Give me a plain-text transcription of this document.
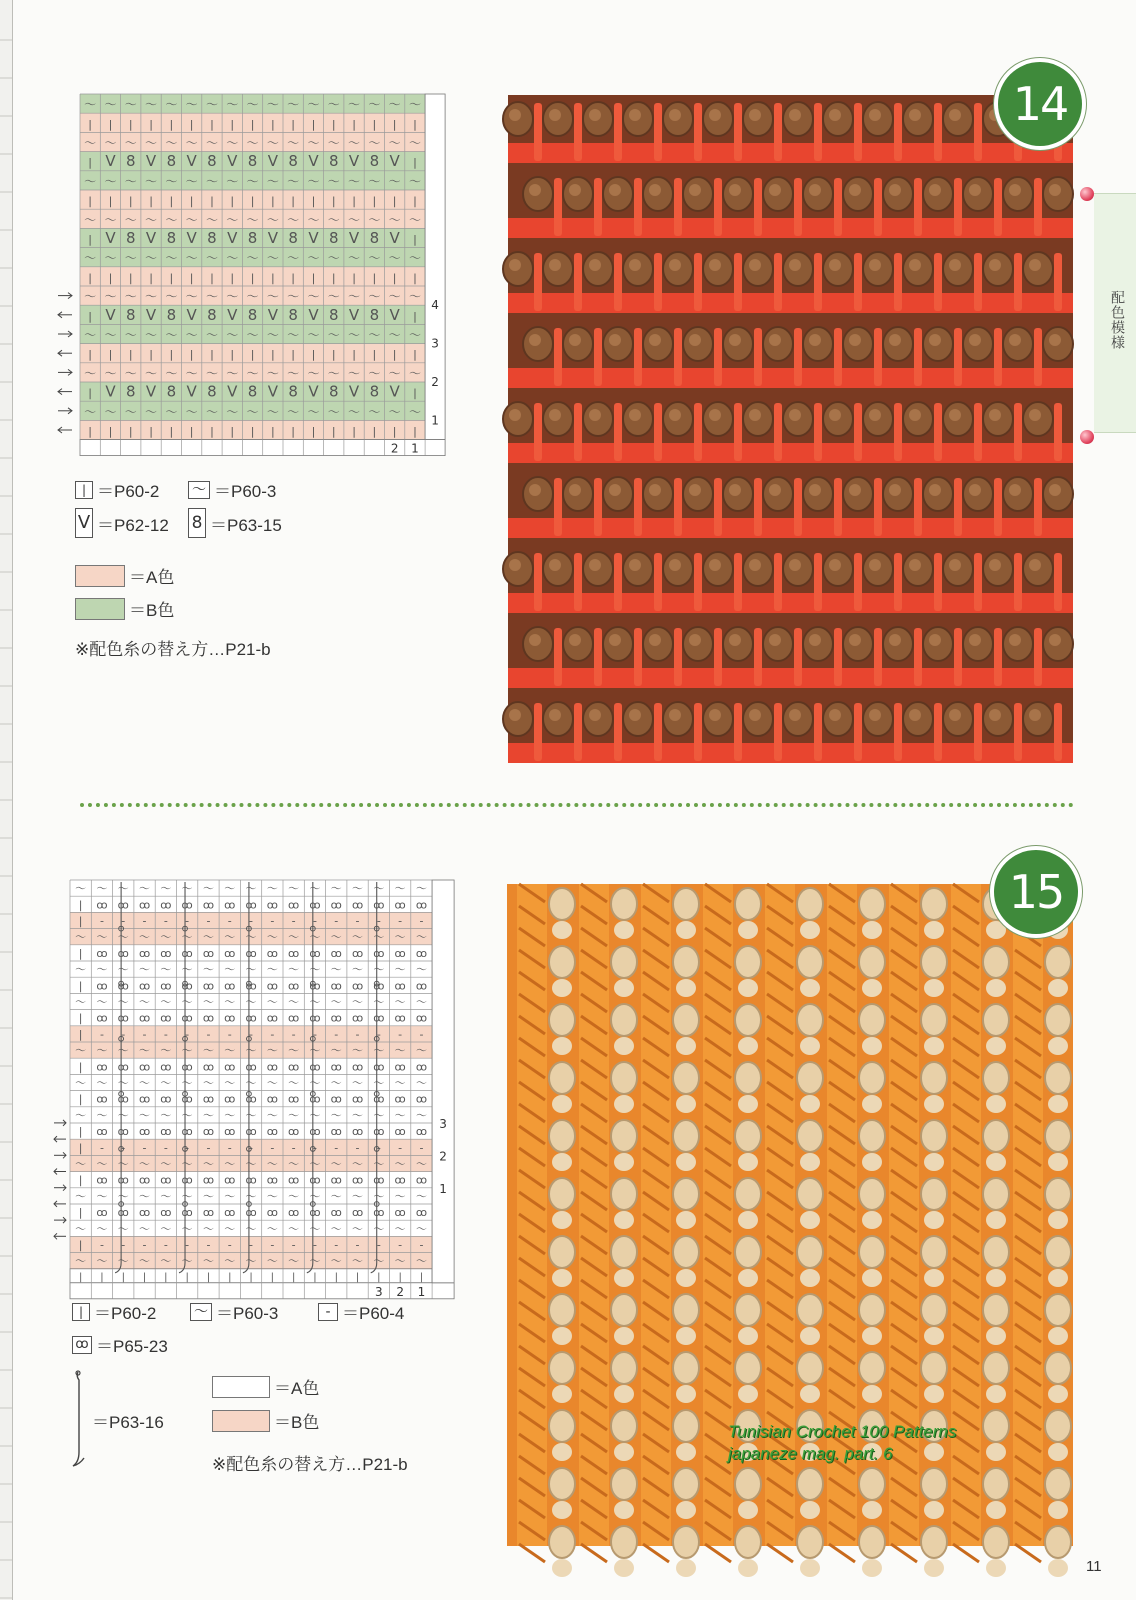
〜 〜 〜 〜 〜 〜 〜 〜 〜 〜 〜 〜 〜 〜 〜 〜 〜
| | | | | | | | | | | | | | | | |
〜 〜 〜 〜 〜 〜 〜 〜 〜 〜 〜 〜 〜 〜 〜 〜 〜
| V 8 V 8 V 8 V 8 V 8 V 8 V 8 V |
〜 〜 〜 〜 〜 〜 〜 〜 〜 〜 〜 〜 〜 〜 〜 〜 〜
| | | | | | | | | | | | | | | | |
〜 〜 〜 〜 〜 〜 〜 〜 〜 〜 〜 〜 〜 〜 〜 〜 〜
| V 8 V 8 V 8 V 8 V 8 V 8 V 8 V |
〜 〜 〜 〜 〜 〜 〜 〜 〜 〜 〜 〜 〜 〜 〜 〜 〜
| | | | | | | | | | | | | | | | |
〜 〜 〜 〜 〜 〜 〜 〜 〜 〜 〜 〜 〜 〜 〜 〜 〜
| V 8 V 8 V 8 V 8 V 8 V 8 V 8 V |
〜 〜 〜 〜 〜 〜 〜 〜 〜 〜 〜 〜 〜 〜 〜 〜 〜
| | | | | | | | | | | | | | | | |
〜 〜 〜 〜 〜 〜 〜 〜 〜 〜 〜 〜 〜 〜 〜 〜 〜
| V 8 V 8 V 8 V 8 V 8 V 8 V 8 V |
〜 〜 〜 〜 〜 〜 〜 〜 〜 〜 〜 〜 〜 〜 〜 〜 〜
| | | | | | | | | | | | | | | | |
4
3
2
1
2 1
| ＝P60-2 〜 ＝P60-3
V ＝P62-12 8 ＝P63-15
＝A色
＝B色
※配色糸の替え方…P21-b
14
配色模様
〜 〜 〜 〜 〜 〜 〜 〜 〜 〜 〜 〜 〜 〜 〜 〜 〜
| ꝏ ꝏ ꝏ ꝏ ꝏ ꝏ ꝏ ꝏ ꝏ ꝏ ꝏ ꝏ ꝏ ꝏ ꝏ ꝏ
| - - - - - - - - - - - - - - - -
〜 〜 〜 〜 〜 〜 〜 〜 〜 〜 〜 〜 〜 〜 〜 〜 〜
| ꝏ ꝏ ꝏ ꝏ ꝏ ꝏ ꝏ ꝏ ꝏ ꝏ ꝏ ꝏ ꝏ ꝏ ꝏ ꝏ
〜 〜 〜 〜 〜 〜 〜 〜 〜 〜 〜 〜 〜 〜 〜 〜 〜
| ꝏ ꝏ ꝏ ꝏ ꝏ ꝏ ꝏ ꝏ ꝏ ꝏ ꝏ ꝏ ꝏ ꝏ ꝏ ꝏ
〜 〜 〜 〜 〜 〜 〜 〜 〜 〜 〜 〜 〜 〜 〜 〜 〜
| ꝏ ꝏ ꝏ ꝏ ꝏ ꝏ ꝏ ꝏ ꝏ ꝏ ꝏ ꝏ ꝏ ꝏ ꝏ ꝏ
| - - - - - - - - - - - - - - - -
〜 〜 〜 〜 〜 〜 〜 〜 〜 〜 〜 〜 〜 〜 〜 〜 〜
| ꝏ ꝏ ꝏ ꝏ ꝏ ꝏ ꝏ ꝏ ꝏ ꝏ ꝏ ꝏ ꝏ ꝏ ꝏ ꝏ
〜 〜 〜 〜 〜 〜 〜 〜 〜 〜 〜 〜 〜 〜 〜 〜 〜
| ꝏ ꝏ ꝏ ꝏ ꝏ ꝏ ꝏ ꝏ ꝏ ꝏ ꝏ ꝏ ꝏ ꝏ ꝏ ꝏ
〜 〜 〜 〜 〜 〜 〜 〜 〜 〜 〜 〜 〜 〜 〜 〜 〜
| ꝏ ꝏ ꝏ ꝏ ꝏ ꝏ ꝏ ꝏ ꝏ ꝏ ꝏ ꝏ ꝏ ꝏ ꝏ ꝏ
| - - - - - - - - - - - - - - - -
〜 〜 〜 〜 〜 〜 〜 〜 〜 〜 〜 〜 〜 〜 〜 〜 〜
| ꝏ ꝏ ꝏ ꝏ ꝏ ꝏ ꝏ ꝏ ꝏ ꝏ ꝏ ꝏ ꝏ ꝏ ꝏ ꝏ
〜 〜 〜 〜 〜 〜 〜 〜 〜 〜 〜 〜 〜 〜 〜 〜 〜
| ꝏ ꝏ ꝏ ꝏ ꝏ ꝏ ꝏ ꝏ ꝏ ꝏ ꝏ ꝏ ꝏ ꝏ ꝏ ꝏ
〜 〜 〜 〜 〜 〜 〜 〜 〜 〜 〜 〜 〜 〜 〜 〜 〜
| - - - - - - - - - - - - - - - -
〜 〜 〜 〜 〜 〜 〜 〜 〜 〜 〜 〜 〜 〜 〜 〜 〜
| | | | | | | | | | | | | | | | |
3 2 1
3
2
1
| ＝P60-2	〜 ＝P60-3	- ＝P60-4
ꝏ ＝P65-23
＝P63-16
＝A色
＝B色
※配色糸の替え方…P21-b
15
Tunisian Crochet 100 Patterns
japaneze mag. part. 6
11
